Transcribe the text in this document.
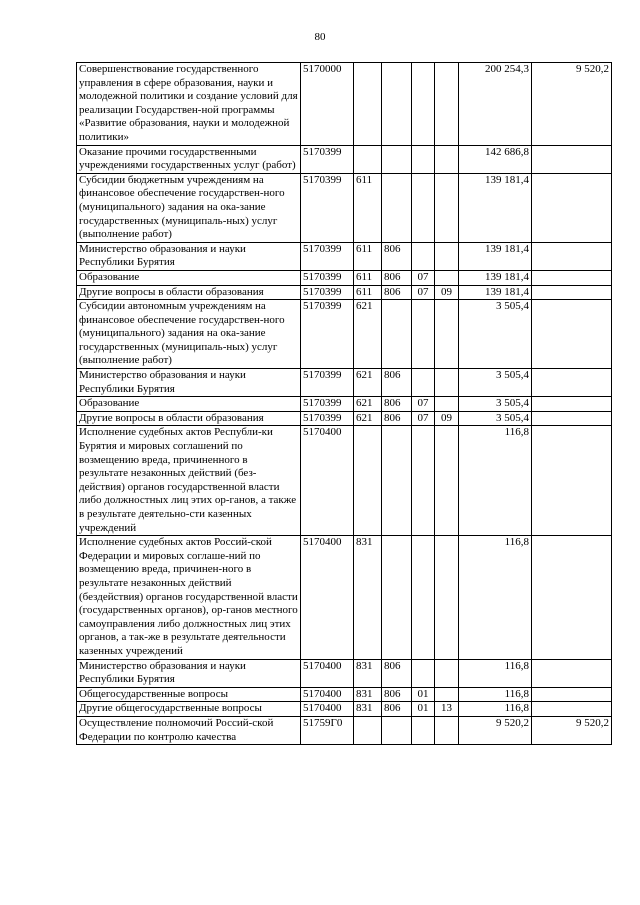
80
Совершенствование государственного управления в сфере образования, науки и молодежной политики и создание условий для реализации Государствен-ной программы «Развитие образования, науки и молодежной политики»	5170000					200 254,3	9 520,2
Оказание прочими государственными учреждениями государственных услуг (работ)	5170399					142 686,8	
Субсидии бюджетным учреждениям на финансовое обеспечение государствен-ного (муниципального) задания на ока-зание государственных (муниципаль-ных) услуг (выполнение работ)	5170399	611				139 181,4	
Министерство образования и науки Республики Бурятия	5170399	611	806			139 181,4	
Образование	5170399	611	806	07		139 181,4	
Другие вопросы в области образования	5170399	611	806	07	09	139 181,4	
Субсидии автономным учреждениям на финансовое обеспечение государствен-ного (муниципального) задания на ока-зание государственных (муниципаль-ных) услуг (выполнение работ)	5170399	621				3 505,4	
Министерство образования и науки Республики Бурятия	5170399	621	806			3 505,4	
Образование	5170399	621	806	07		3 505,4	
Другие вопросы в области образования	5170399	621	806	07	09	3 505,4	
Исполнение судебных актов Республи-ки Бурятия и мировых соглашений по возмещению вреда, причиненного в результате незаконных действий (без-действия) органов государственной власти либо должностных лиц этих ор-ганов, а также в результате деятельно-сти казенных учреждений	5170400					116,8	
Исполнение судебных актов Россий-ской Федерации и мировых соглаше-ний по возмещению вреда, причинен-ного в результате незаконных действий (бездействия) органов государственной власти (государственных органов), ор-ганов местного самоуправления либо должностных лиц этих органов, а так-же в результате деятельности казенных учреждений	5170400	831				116,8	
Министерство образования и науки Республики Бурятия	5170400	831	806			116,8	
Общегосударственные вопросы	5170400	831	806	01		116,8	
Другие общегосударственные вопросы	5170400	831	806	01	13	116,8	
Осуществление полномочий Россий-ской Федерации по контролю качества	51759Г0					9 520,2	9 520,2
